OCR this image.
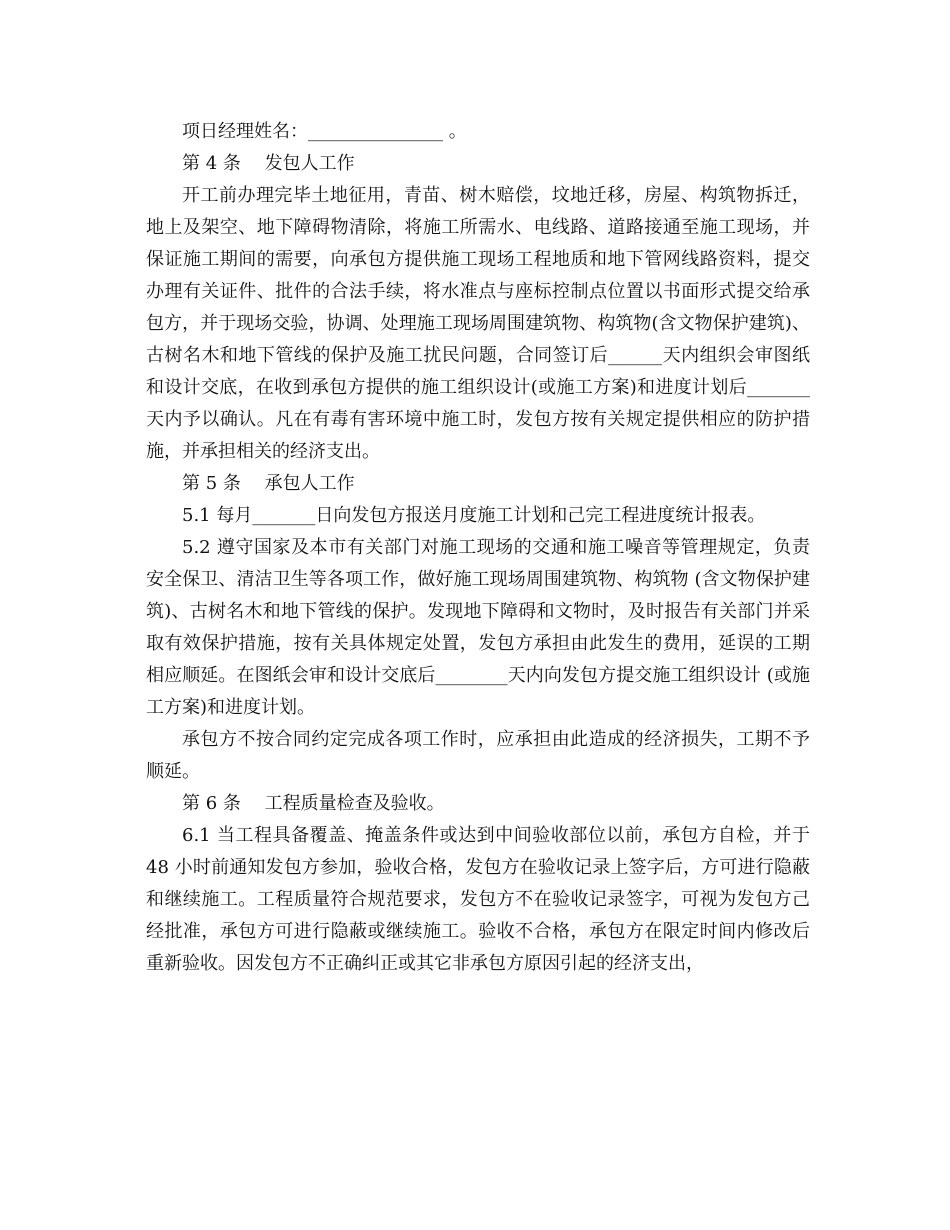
项日经理姓名：_______________ 。

第 4 条　 发包人工作

开工前办理完毕土地征用，青苗、树木赔偿，坟地迁移，房屋、构筑物拆迁，地上及架空、地下障碍物清除，将施工所需水、电线路、道路接通至施工现场，并保证施工期间的需要，向承包方提供施工现场工程地质和地下管网线路资料，提交办理有关证件、批件的合法手续，将水准点与座标控制点位置以书面形式提交给承包方，并于现场交验，协调、处理施工现场周围建筑物、构筑物(含文物保护建筑)、古树名木和地下管线的保护及施工扰民问题，合同签订后______天内组织会审图纸和设计交底，在收到承包方提供的施工组织设计(或施工方案)和进度计划后_______天内予以确认。凡在有毒有害环境中施工时，发包方按有关规定提供相应的防护措施，并承担相关的经济支出。

第 5 条　 承包人工作

5.1 每月_______日向发包方报送月度施工计划和己完工程进度统计报表。

5.2 遵守国家及本市有关部门对施工现场的交通和施工噪音等管理规定，负责安全保卫、清洁卫生等各项工作，做好施工现场周围建筑物、构筑物 (含文物保护建筑)、古树名木和地下管线的保护。发现地下障碍和文物时，及时报告有关部门并采取有效保护措施，按有关具体规定处置，发包方承担由此发生的费用，延误的工期相应顺延。在图纸会审和设计交底后________天内向发包方提交施工组织设计 (或施工方案)和进度计划。

承包方不按合同约定完成各项工作时，应承担由此造成的经济损失，工期不予顺延。

第 6 条　 工程质量检查及验收。

6.1 当工程具备覆盖、掩盖条件或达到中间验收部位以前，承包方自检，并于 48 小时前通知发包方参加，验收合格，发包方在验收记录上签字后，方可进行隐蔽和继续施工。工程质量符合规范要求，发包方不在验收记录签字，可视为发包方己经批准，承包方可进行隐蔽或继续施工。验收不合格，承包方在限定时间内修改后重新验收。因发包方不正确纠正或其它非承包方原因引起的经济支出，
